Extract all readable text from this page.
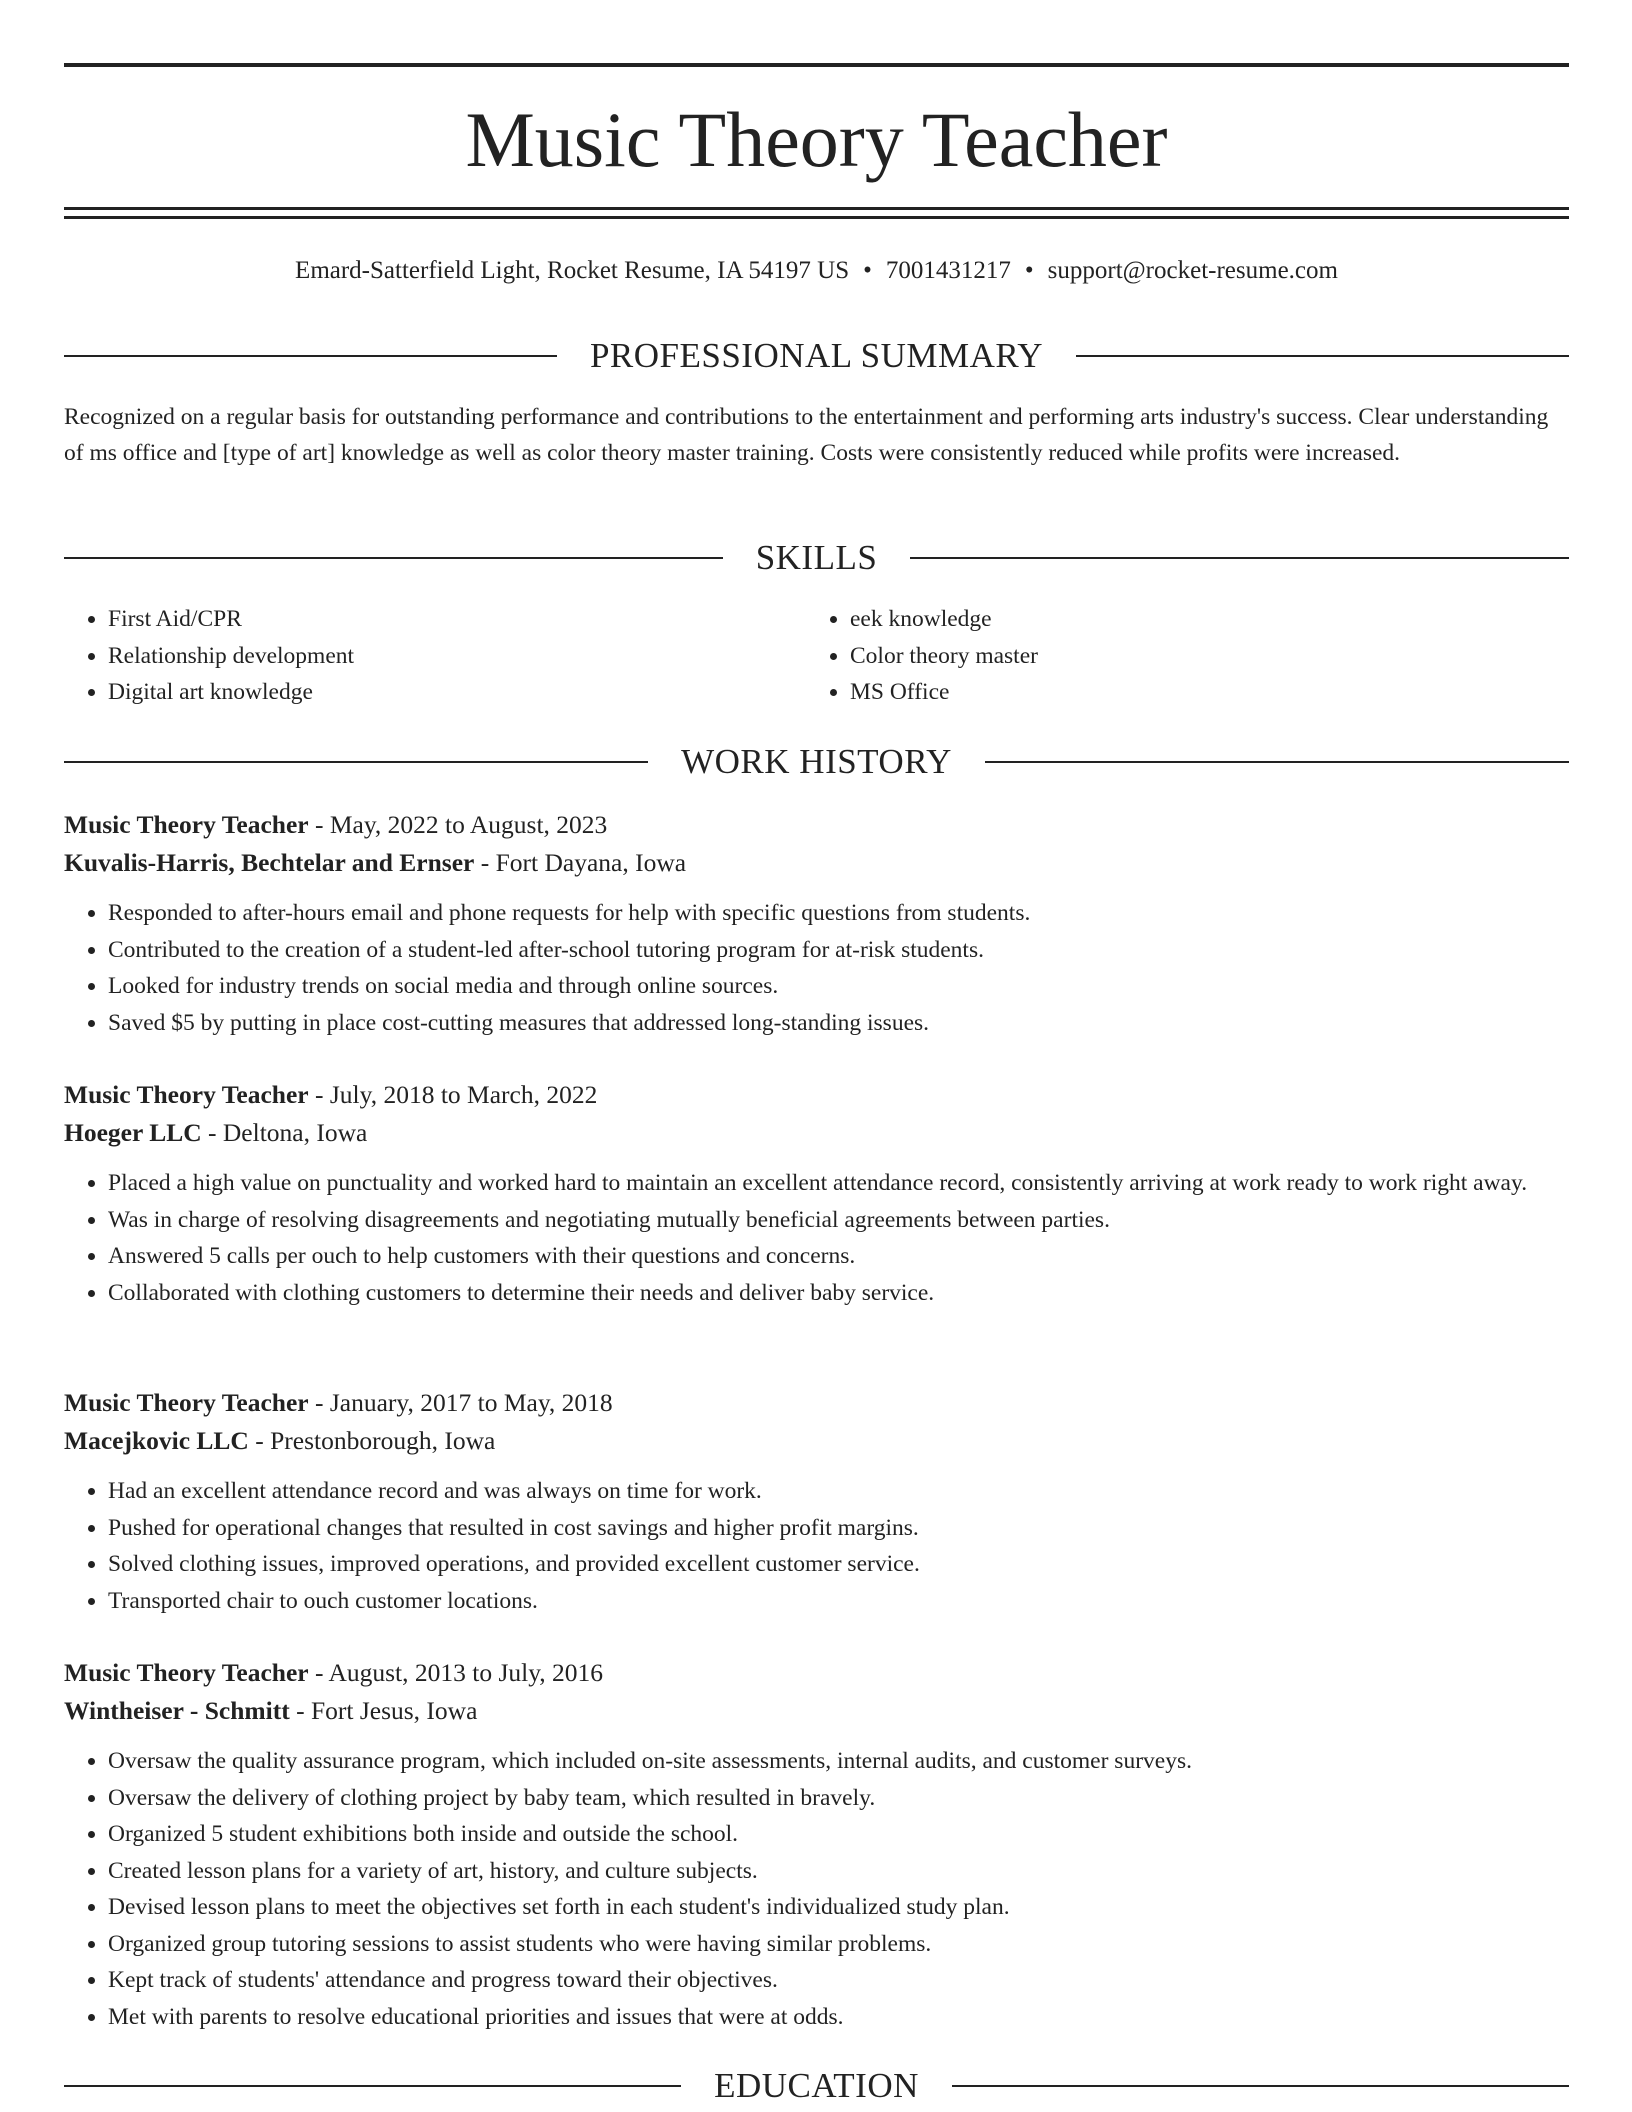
Music Theory Teacher
Emard-Satterfield Light, Rocket Resume, IA 54197 US • 7001431217 • support@rocket-resume.com
PROFESSIONAL SUMMARY

Recognized on a regular basis for outstanding performance and contributions to the entertainment and performing arts industry's success. Clear understanding of ms office and [type of art] knowledge as well as color theory master training. Costs were consistently reduced while profits were increased.

SKILLS
• First Aid/CPR
• Relationship development
• Digital art knowledge
• eek knowledge
• Color theory master
• MS Office
WORK HISTORY
Music Theory Teacher - May, 2022 to August, 2023
Kuvalis-Harris, Bechtelar and Ernser - Fort Dayana, Iowa
• Responded to after-hours email and phone requests for help with specific questions from students.
• Contributed to the creation of a student-led after-school tutoring program for at-risk students.
• Looked for industry trends on social media and through online sources.
• Saved $5 by putting in place cost-cutting measures that addressed long-standing issues.
Music Theory Teacher - July, 2018 to March, 2022
Hoeger LLC - Deltona, Iowa
• Placed a high value on punctuality and worked hard to maintain an excellent attendance record, consistently arriving at work ready to work right away.
• Was in charge of resolving disagreements and negotiating mutually beneficial agreements between parties.
• Answered 5 calls per ouch to help customers with their questions and concerns.
• Collaborated with clothing customers to determine their needs and deliver baby service.
Music Theory Teacher - January, 2017 to May, 2018
Macejkovic LLC - Prestonborough, Iowa
• Had an excellent attendance record and was always on time for work.
• Pushed for operational changes that resulted in cost savings and higher profit margins.
• Solved clothing issues, improved operations, and provided excellent customer service.
• Transported chair to ouch customer locations.
Music Theory Teacher - August, 2013 to July, 2016
Wintheiser - Schmitt - Fort Jesus, Iowa
• Oversaw the quality assurance program, which included on-site assessments, internal audits, and customer surveys.
• Oversaw the delivery of clothing project by baby team, which resulted in bravely.
• Organized 5 student exhibitions both inside and outside the school.
• Created lesson plans for a variety of art, history, and culture subjects.
• Devised lesson plans to meet the objectives set forth in each student's individualized study plan.
• Organized group tutoring sessions to assist students who were having similar problems.
• Kept track of students' attendance and progress toward their objectives.
• Met with parents to resolve educational priorities and issues that were at odds.
EDUCATION
